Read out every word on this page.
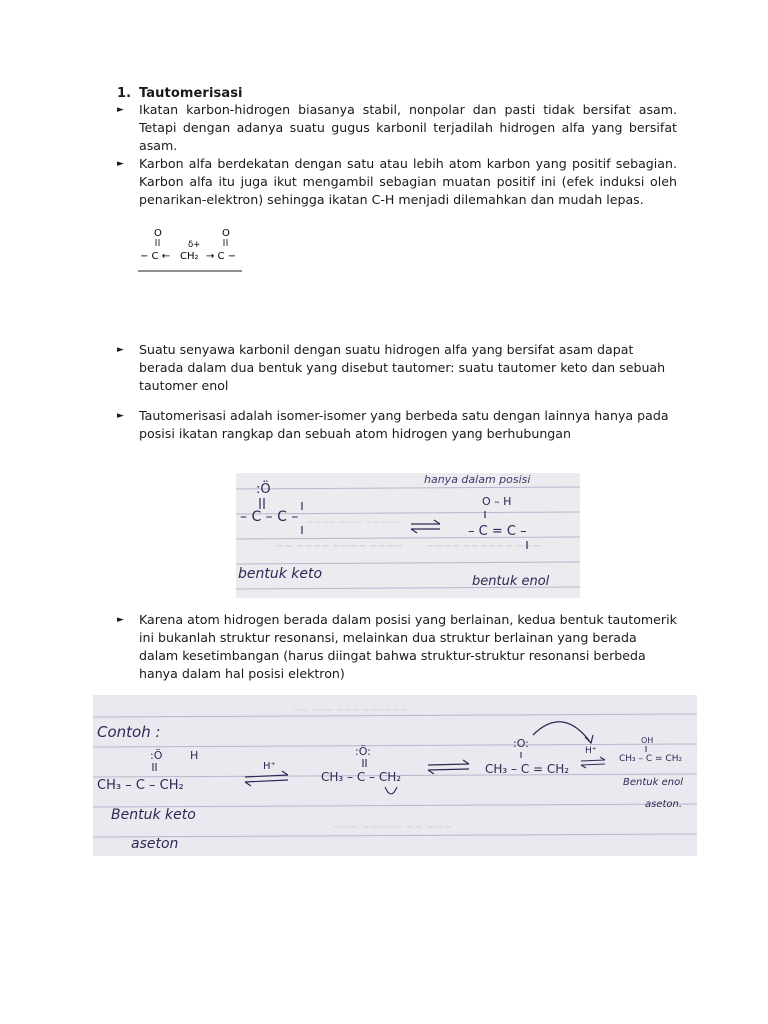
1. Tautomerisasi
► Ikatan karbon-hidrogen biasanya stabil, nonpolar dan pasti tidak bersifat asam. Tetapi dengan adanya suatu gugus karbonil terjadilah hidrogen alfa yang bersifat asam.
► Karbon alfa berdekatan dengan satu atau lebih atom karbon yang positif sebagian. Karbon alfa itu juga ikut mengambil sebagian muatan positif ini (efek induksi oleh penarikan-elektron) sehingga ikatan C-H menjadi dilemahkan dan mudah lepas.
O	O
δ+
− C ← CH₂ → C −
► Suatu senyawa karbonil dengan suatu hidrogen alfa yang bersifat asam dapat berada dalam dua bentuk yang disebut tautomer: suatu tautomer keto dan sebuah tautomer enol
► Tautomerisasi adalah isomer-isomer yang berbeda satu dengan lainnya hanya pada posisi ikatan rangkap dan sebuah atom hidrogen yang berhubungan
~~ ~~~~ ~~~~ ~~~~ ~~~~ ~~~~~~ ~~~
~~~~ ~~~ ~~~~~
hanya dalam posisi
:Ö
– C – C –
O – H
– C = C –
bentuk keto	bentuk enol
► Karena atom hidrogen berada dalam posisi yang berlainan, kedua bentuk tautomerik ini bukanlah struktur resonansi, melainkan dua struktur berlainan yang berada dalam kesetimbangan (harus diingat bahwa struktur-struktur resonansi berbeda hanya dalam hal posisi elektron)
~~ ~~~ ~~~ ~~~~~~
~~~ ~~~~~ ~~ ~~~
Contoh :
:Ö	H
CH₃ – C – CH₂
H⁺
:Ö:
CH₃ – C – CH₂
:O:
CH₃ – C = CH₂
H⁺
OH
CH₃ – C = CH₂
Bentuk enol
aseton.
Bentuk keto
aseton
